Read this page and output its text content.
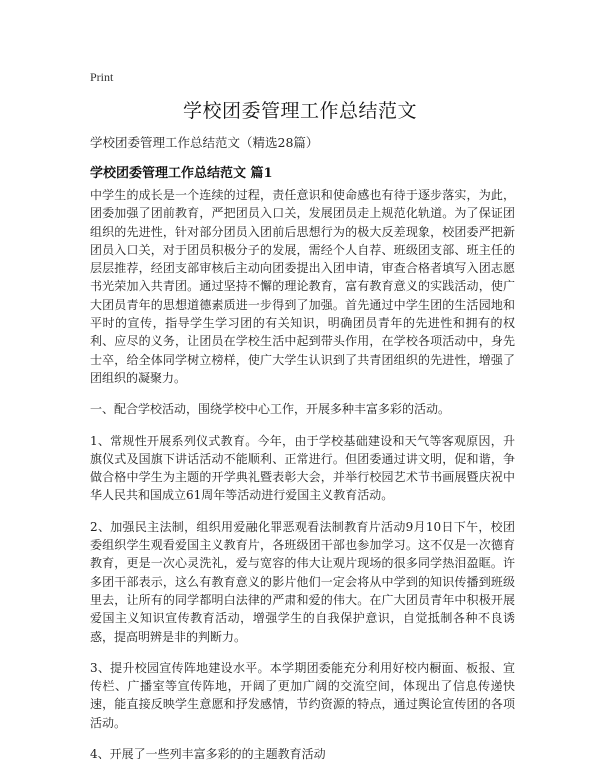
Print
学校团委管理工作总结范文
学校团委管理工作总结范文（精选28篇）
学校团委管理工作总结范文 篇1

中学生的成长是一个连续的过程，责任意识和使命感也有待于逐步落实，为此，团委加强了团前教育，严把团员入口关，发展团员走上规范化轨道。为了保证团组织的先进性，针对部分团员入团前后思想行为的极大反差现象，校团委严把新团员入口关，对于团员积极分子的发展，需经个人自荐、班级团支部、班主任的层层推荐，经团支部审核后主动向团委提出入团申请，审查合格者填写入团志愿书光荣加入共青团。通过坚持不懈的理论教育，富有教育意义的实践活动，使广大团员青年的思想道德素质进一步得到了加强。首先通过中学生团的生活园地和平时的宣传，指导学生学习团的有关知识，明确团员青年的先进性和拥有的权利、应尽的义务，让团员在学校生活中起到带头作用，在学校各项活动中，身先士卒，给全体同学树立榜样，使广大学生认识到了共青团组织的先进性，增强了团组织的凝聚力。

一、配合学校活动，围绕学校中心工作，开展多种丰富多彩的活动。

1、常规性开展系列仪式教育。今年，由于学校基础建设和天气等客观原因，升旗仪式及国旗下讲话活动不能顺利、正常进行。但团委通过讲文明，促和谐，争做合格中学生为主题的开学典礼暨表彰大会，并举行校园艺术节书画展暨庆祝中华人民共和国成立61周年等活动进行爱国主义教育活动。

2、加强民主法制，组织用爱融化罪恶观看法制教育片活动9月10日下午，校团委组织学生观看爱国主义教育片，各班级团干部也参加学习。这不仅是一次德育教育，更是一次心灵洗礼，爱与宽容的伟大让观片现场的很多同学热泪盈眶。许多团干部表示，这么有教育意义的影片他们一定会将从中学到的知识传播到班级里去，让所有的同学都明白法律的严肃和爱的伟大。在广大团员青年中积极开展爱国主义知识宣传教育活动，增强学生的自我保护意识，自觉抵制各种不良诱惑，提高明辨是非的判断力。

3、提升校园宣传阵地建设水平。本学期团委能充分利用好校内橱面、板报、宣传栏、广播室等宣传阵地，开阔了更加广阔的交流空间，体现出了信息传递快速，能直接反映学生意愿和抒发感情，节约资源的特点，通过舆论宣传团的各项活动。

4、开展了一些列丰富多彩的的主题教育活动
